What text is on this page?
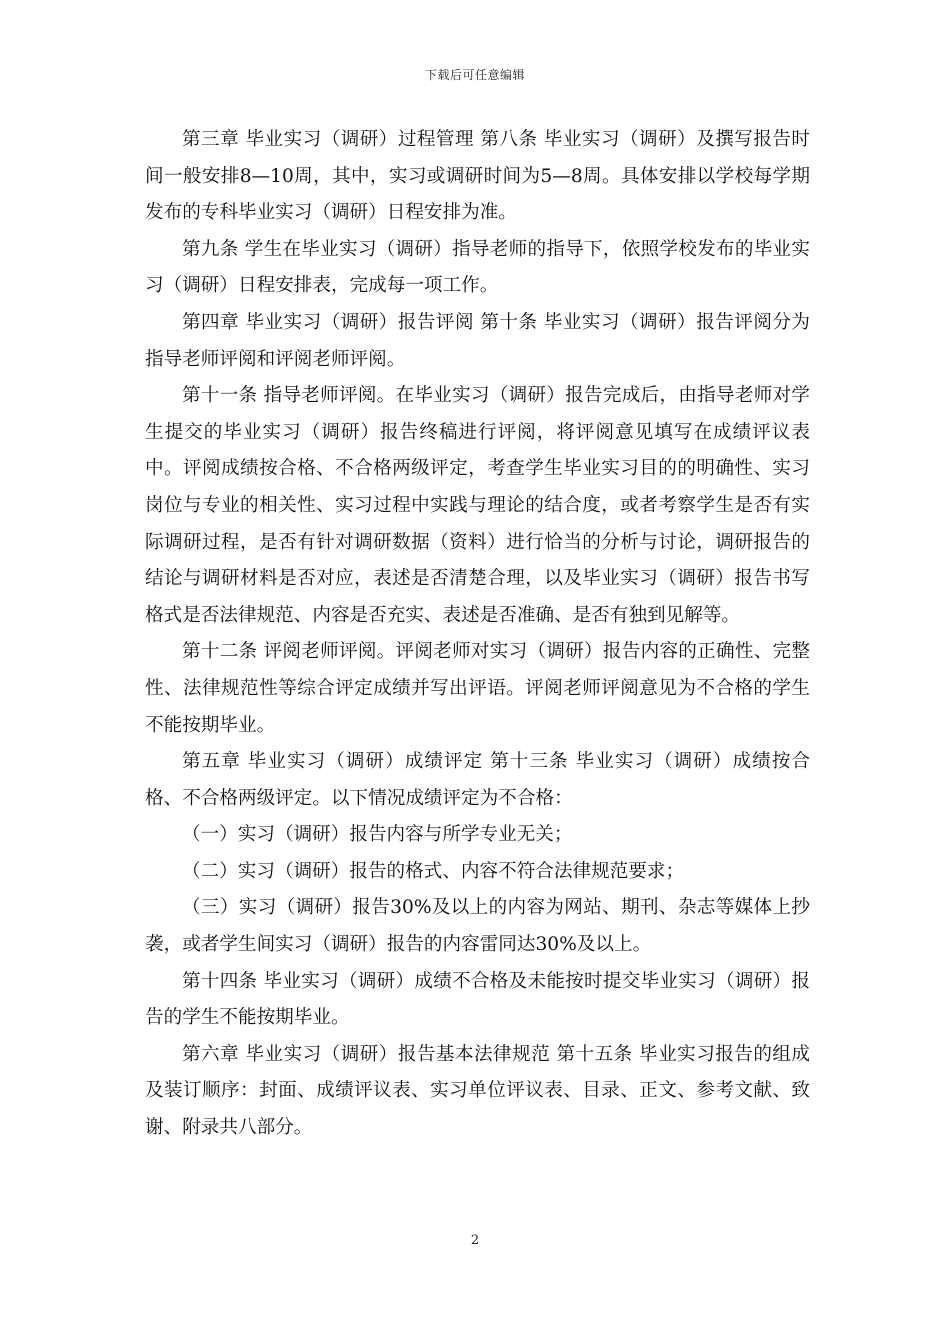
下载后可任意编辑

第三章 毕业实习（调研）过程管理 第八条 毕业实习（调研）及撰写报告时间一般安排8—10周，其中，实习或调研时间为5—8周。具体安排以学校每学期发布的专科毕业实习（调研）日程安排为准。

第九条 学生在毕业实习（调研）指导老师的指导下，依照学校发布的毕业实习（调研）日程安排表，完成每一项工作。

第四章 毕业实习（调研）报告评阅 第十条 毕业实习（调研）报告评阅分为指导老师评阅和评阅老师评阅。

第十一条 指导老师评阅。在毕业实习（调研）报告完成后，由指导老师对学生提交的毕业实习（调研）报告终稿进行评阅，将评阅意见填写在成绩评议表中。评阅成绩按合格、不合格两级评定，考查学生毕业实习目的的明确性、实习岗位与专业的相关性、实习过程中实践与理论的结合度，或者考察学生是否有实际调研过程，是否有针对调研数据（资料）进行恰当的分析与讨论，调研报告的结论与调研材料是否对应，表述是否清楚合理，以及毕业实习（调研）报告书写格式是否法律规范、内容是否充实、表述是否准确、是否有独到见解等。

第十二条 评阅老师评阅。评阅老师对实习（调研）报告内容的正确性、完整性、法律规范性等综合评定成绩并写出评语。评阅老师评阅意见为不合格的学生不能按期毕业。

第五章 毕业实习（调研）成绩评定 第十三条 毕业实习（调研）成绩按合格、不合格两级评定。以下情况成绩评定为不合格：

（一）实习（调研）报告内容与所学专业无关；

（二）实习（调研）报告的格式、内容不符合法律规范要求；

（三）实习（调研）报告30%及以上的内容为网站、期刊、杂志等媒体上抄袭，或者学生间实习（调研）报告的内容雷同达30%及以上。

第十四条 毕业实习（调研）成绩不合格及未能按时提交毕业实习（调研）报告的学生不能按期毕业。

第六章 毕业实习（调研）报告基本法律规范 第十五条 毕业实习报告的组成及装订顺序：封面、成绩评议表、实习单位评议表、目录、正文、参考文献、致谢、附录共八部分。

2
